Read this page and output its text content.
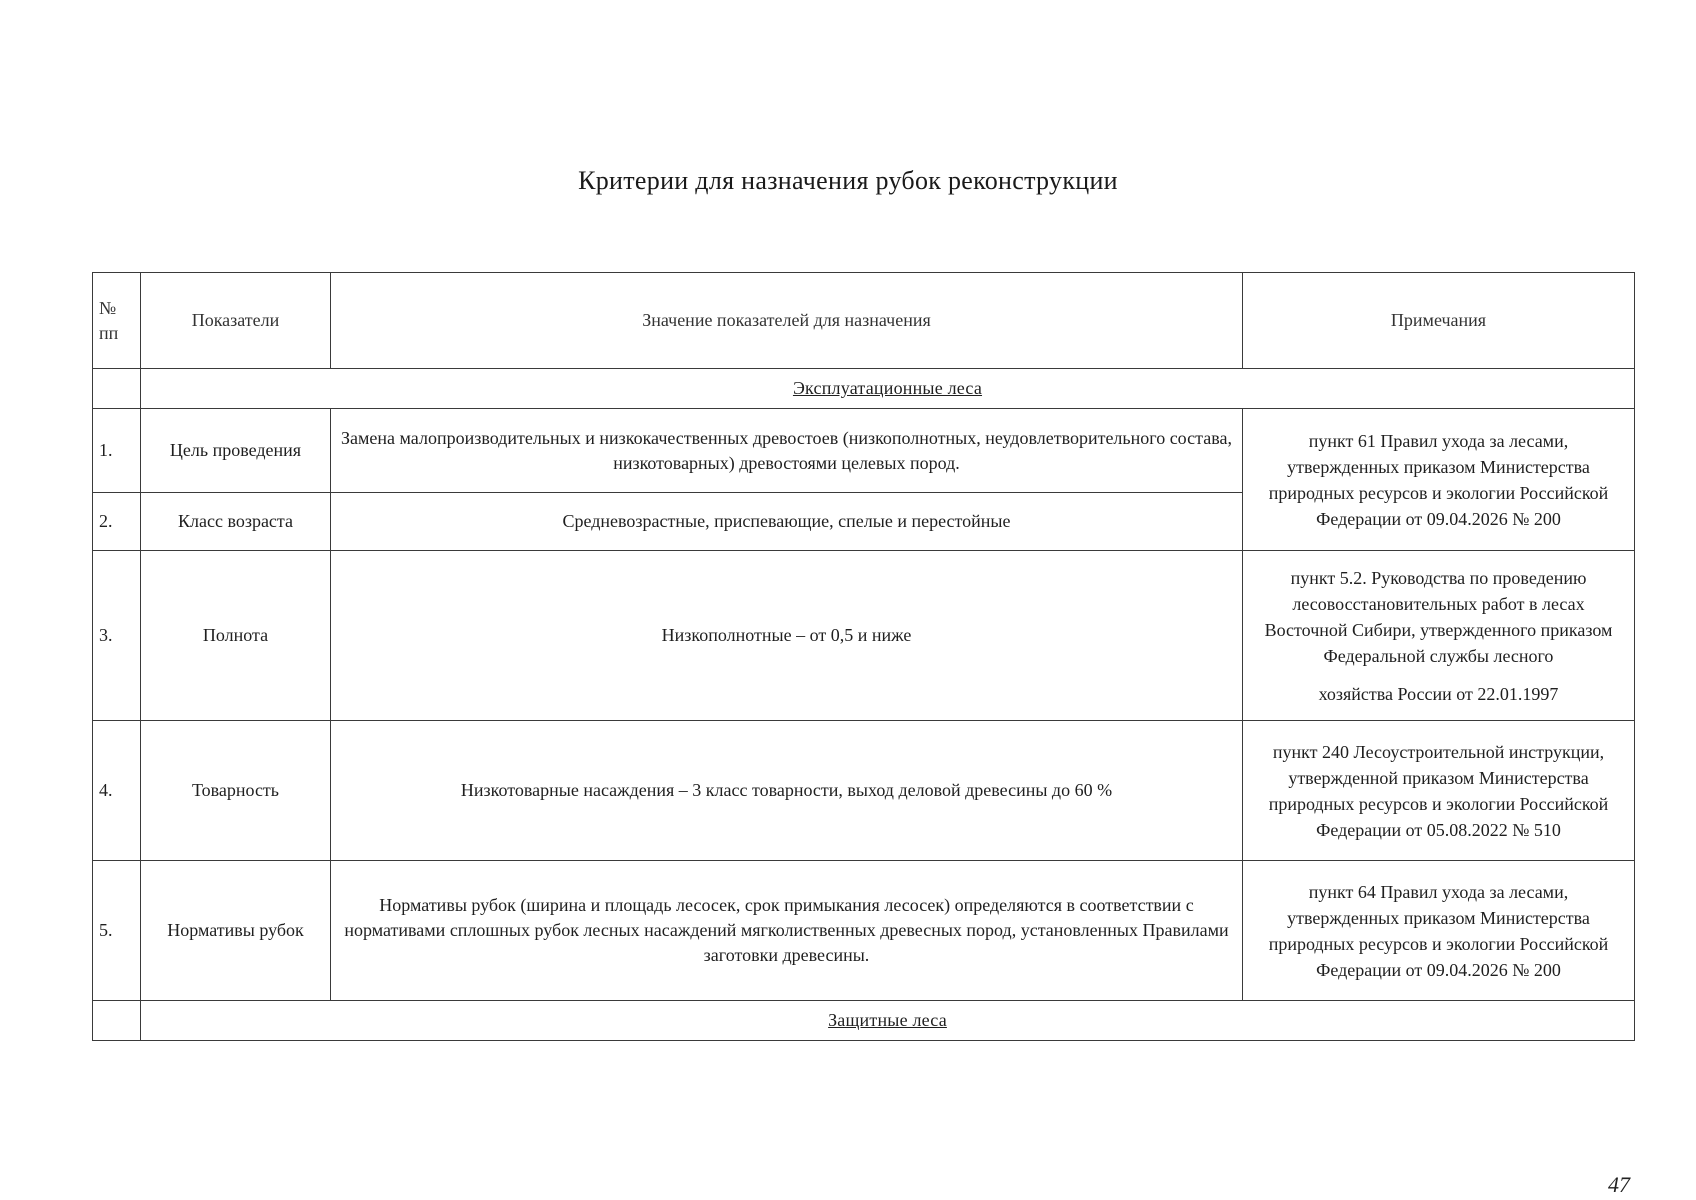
Критерии для назначения рубок реконструкции
№ пп	Показатели	Значение показателей для назначения	Примечания
	Эксплуатационные леса		
1.	Цель проведения	Замена малопроизводительных и низкокачественных древостоев (низкополнотных, неудовлетворительного состава, низкотоварных) древостоями целевых пород.	пункт 61 Правил ухода за лесами, утвержденных приказом Министерства природных ресурсов и экологии Российской Федерации от 09.04.2026 № 200
2.	Класс возраста	Средневозрастные, приспевающие, спелые и перестойные	
3.	Полнота	Низкополнотные – от 0,5 и ниже	пункт 5.2. Руководства по проведению лесовосстановительных работ в лесах Восточной Сибири, утвержденного приказом Федеральной службы лесного
хозяйства России от 22.01.1997
4.	Товарность	Низкотоварные насаждения – 3 класс товарности, выход деловой древесины до 60 %	пункт 240 Лесоустроительной инструкции, утвержденной приказом Министерства природных ресурсов и экологии Российской Федерации от 05.08.2022 № 510
5.	Нормативы рубок	Нормативы рубок (ширина и площадь лесосек, срок примыкания лесосек) определяются в соответствии с нормативами сплошных рубок лесных насаждений мягколиственных древесных пород, установленных Правилами заготовки древесины.	пункт 64 Правил ухода за лесами, утвержденных приказом Министерства природных ресурсов и экологии Российской Федерации от 09.04.2026 № 200
	Защитные леса		
47
